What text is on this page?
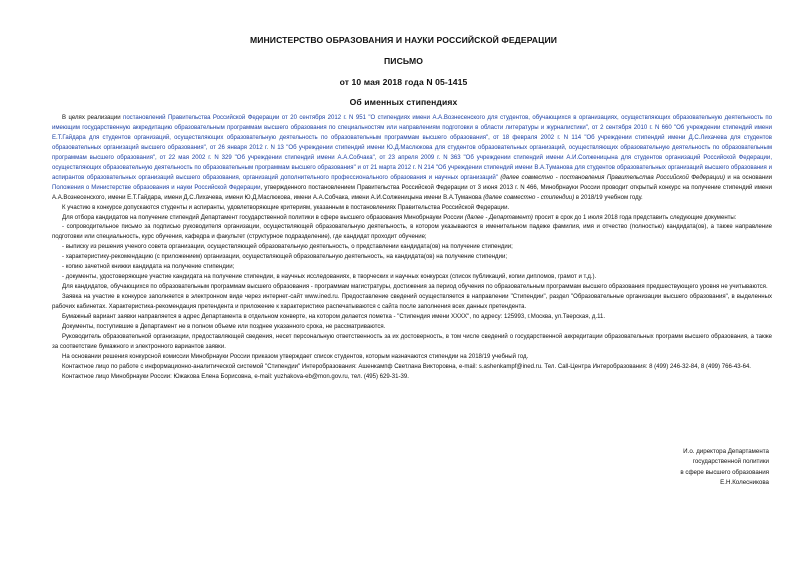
МИНИСТЕРСТВО ОБРАЗОВАНИЯ И НАУКИ РОССИЙСКОЙ ФЕДЕРАЦИИ
ПИСЬМО
от 10 мая 2018 года N 05-1415
Об именных стипендиях

В целях реализации постановлений Правительства Российской Федерации от 20 сентября 2012 г. N 951 "О стипендиях имени А.А.Вознесенского для студентов, обучающихся в организациях, осуществляющих образовательную деятельность по имеющим государственную аккредитацию образовательным программам высшего образования по специальностям или направлениям подготовки в области литературы и журналистики", от 2 сентября 2010 г. N 660 "Об учреждении стипендий имени Е.Т.Гайдара для студентов организаций, осуществляющих образовательную деятельность по образовательным программам высшего образования", от 18 февраля 2002 г. N 114 "Об учреждении стипендий имени Д.С.Лихачева для студентов образовательных организаций высшего образования", от 26 января 2012 г. N 13 "Об учреждении стипендий имени Ю.Д.Маслюкова для студентов образовательных организаций, осуществляющих образовательную деятельность по образовательным программам высшего образования", от 22 мая 2002 г. N 329 "Об учреждении стипендий имени А.А.Собчака", от 23 апреля 2009 г. N 363 "Об учреждении стипендий имени А.И.Солженицына для студентов организаций Российской Федерации, осуществляющих образовательную деятельность по образовательным программам высшего образования" и от 21 марта 2012 г. N 214 "Об учреждении стипендий имени В.А.Туманова для студентов образовательных организаций высшего образования и аспирантов образовательных организаций высшего образования, организаций дополнительного профессионального образования и научных организаций" (далее совместно - постановления Правительства Российской Федерации) и на основании Положения о Министерстве образования и науки Российской Федерации, утвержденного постановлением Правительства Российской Федерации от 3 июня 2013 г. N 466, Минобрнауки России проводит открытый конкурс на получение стипендий имени А.А.Вознесенского, имени Е.Т.Гайдара, имени Д.С.Лихачева, имени Ю.Д.Маслюкова, имени А.А.Собчака, имени А.И.Солженицына имени В.А.Туманова (далее совместно - стипендии) в 2018/19 учебном году.

К участию в конкурсе допускаются студенты и аспиранты, удовлетворяющие критериям, указанным в постановлениях Правительства Российской Федерации.

Для отбора кандидатов на получение стипендий Департамент государственной политики в сфере высшего образования Минобрнауки России (далее - Департамент) просит в срок до 1 июля 2018 года представить следующие документы:

- сопроводительное письмо за подписью руководителя организации, осуществляющей образовательную деятельность, в котором указываются в именительном падеже фамилия, имя и отчество (полностью) кандидата(ов), а также направление подготовки или специальность, курс обучения, кафедра и факультет (структурное подразделение), где кандидат проходит обучение;

- выписку из решения ученого совета организации, осуществляющей образовательную деятельность, о представлении кандидата(ов) на получение стипендии;

- характеристику-рекомендацию (с приложением) организации, осуществляющей образовательную деятельность, на кандидата(ов) на получение стипендии;

- копию зачетной книжки кандидата на получение стипендии;

- документы, удостоверяющие участие кандидата на получение стипендии, в научных исследованиях, в творческих и научных конкурсах (список публикаций, копии дипломов, грамот и т.д.).

Для кандидатов, обучающихся по образовательным программам высшего образования - программам магистратуры, достижения за период обучения по образовательным программам высшего образования предшествующего уровня не учитываются.

Заявка на участие в конкурсе заполняется в электронном виде через интернет-сайт www.ined.ru. Предоставление сведений осуществляется в направлении "Стипендии", раздел "Образовательные организации высшего образования", в выделенных рабочих кабинетах. Характеристика-рекомендация претендента и приложение к характеристике распечатываются с сайта после заполнения всех данных претендента.

Бумажный вариант заявки направляется в адрес Департамента в отдельном конверте, на котором делается пометка - "Стипендия имени ХХХХ", по адресу: 125993, г.Москва, ул.Тверская, д.11.

Документы, поступившие в Департамент не в полном объеме или позднее указанного срока, не рассматриваются.

Руководитель образовательной организации, предоставляющей сведения, несет персональную ответственность за их достоверность, в том числе сведений о государственной аккредитации образовательных программ высшего образования, а также за соответствие бумажного и электронного вариантов заявки.

На основании решения конкурсной комиссии Минобрнауки России приказом утверждает список студентов, которым назначаются стипендии на 2018/19 учебный год.

Контактное лицо по работе с информационно-аналитической системой "Стипендии" Интеробразования: Ашенкампф Светлана Викторовна, e-mail: s.ashenkampf@ined.ru. Тел. Call-Центра Интеробразования: 8 (499) 246-32-84, 8 (499) 766-43-64.

Контактное лицо Минобрнауки России: Южакова Елена Борисовна, e-mail: yuzhakova-eb@mon.gov.ru, тел. (495) 629-31-39.

И.о. директора Департамента
государственной политики
в сфере высшего образования
Е.Н.Колесникова
